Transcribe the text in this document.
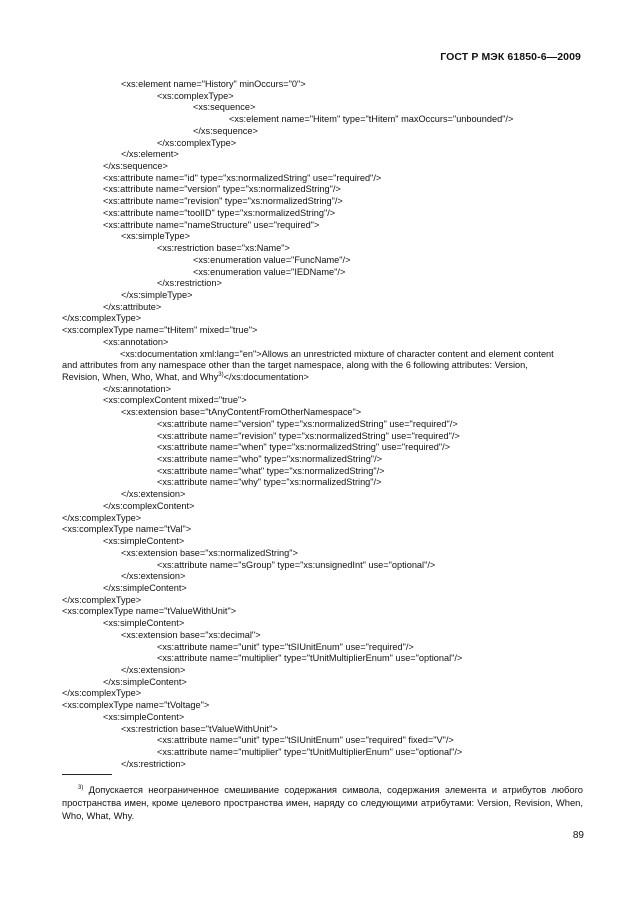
ГОСТ Р МЭК 61850-6—2009
<xs:element name="History" minOccurs="0">
<xs:complexType>
<xs:sequence>
<xs:element name="Hitem" type="tHitem" maxOccurs="unbounded"/>
</xs:sequence>
</xs:complexType>
</xs:element>
</xs:sequence>
<xs:attribute name="id" type="xs:normalizedString" use="required"/>
<xs:attribute name="version" type="xs:normalizedString"/>
<xs:attribute name="revision" type="xs:normalizedString"/>
<xs:attribute name="toolID" type="xs:normalizedString"/>
<xs:attribute name="nameStructure" use="required">
<xs:simpleType>
<xs:restriction base="xs:Name">
<xs:enumeration value="FuncName"/>
<xs:enumeration value="IEDName"/>
</xs:restriction>
</xs:simpleType>
</xs:attribute>
</xs:complexType>
<xs:complexType name="tHitem" mixed="true">
<xs:annotation>
<xs:documentation xml:lang="en">Allows an unrestricted mixture of character content and element content
and attributes from any namespace other than the target namespace, along with the 6 following attributes: Version,
Revision, When, Who, What, and Why$^{3)}$</xs:documentation>
</xs:annotation>
<xs:complexContent mixed="true">
<xs:extension base="tAnyContentFromOtherNamespace">
<xs:attribute name="version" type="xs:normalizedString" use="required"/>
<xs:attribute name="revision" type="xs:normalizedString" use="required"/>
<xs:attribute name="when" type="xs:normalizedString" use="required"/>
<xs:attribute name="who" type="xs:normalizedString"/>
<xs:attribute name="what" type="xs:normalizedString"/>
<xs:attribute name="why" type="xs:normalizedString"/>
</xs:extension>
</xs:complexContent>
</xs:complexType>
<xs:complexType name="tVal">
<xs:simpleContent>
<xs:extension base="xs:normalizedString">
<xs:attribute name="sGroup" type="xs:unsignedInt" use="optional"/>
</xs:extension>
</xs:simpleContent>
</xs:complexType>
<xs:complexType name="tValueWithUnit">
<xs:simpleContent>
<xs:extension base="xs:decimal">
<xs:attribute name="unit" type="tSIUnitEnum" use="required"/>
<xs:attribute name="multiplier" type="tUnitMultiplierEnum" use="optional"/>
</xs:extension>
</xs:simpleContent>
</xs:complexType>
<xs:complexType name="tVoltage">
<xs:simpleContent>
<xs:restriction base="tValueWithUnit">
<xs:attribute name="unit" type="tSIUnitEnum" use="required" fixed="V"/>
<xs:attribute name="multiplier" type="tUnitMultiplierEnum" use="optional"/>
</xs:restriction>
$^{3)}$ Допускается неограниченное смешивание содержания символа, содержания элемента и атрибутов любого пространства имен, кроме целевого пространства имен, наряду со следующими атрибутами: Version, Revision, When, Who, What, Why.
89
